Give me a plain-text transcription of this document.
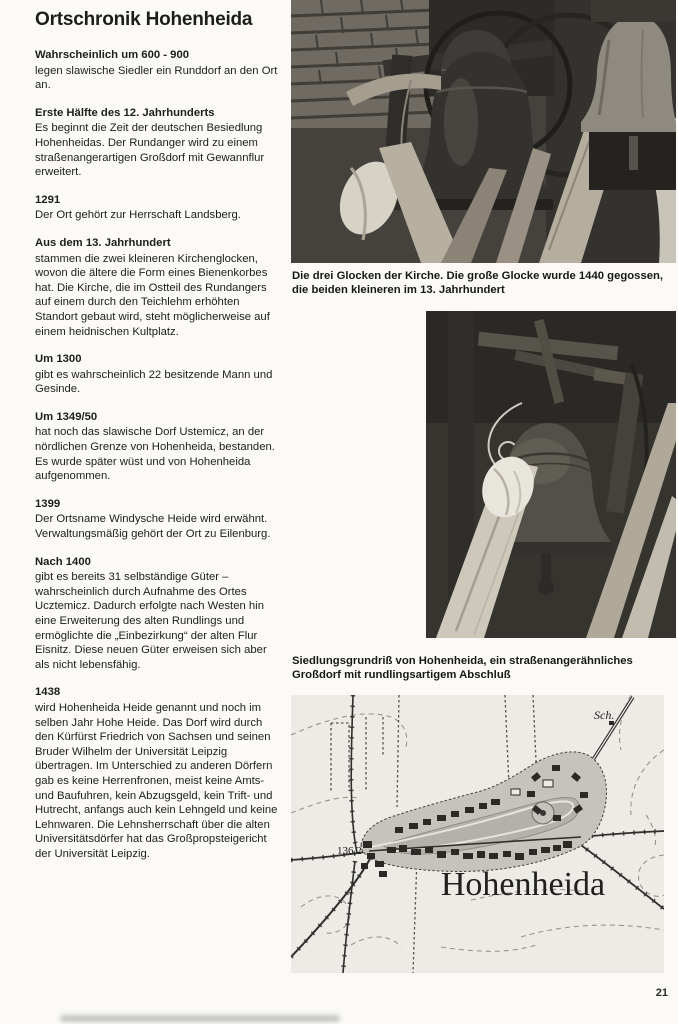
Ortschronik Hohenheida
Wahrscheinlich um 600 - 900

legen slawische Siedler ein Runddorf an den Ort an.

Erste Hälfte des 12. Jahrhunderts

Es beginnt die Zeit der deutschen Besiedlung Hohenheidas. Der Rundanger wird zu einem straßenangerartigen Großdorf mit Gewannflur erweitert.

1291

Der Ort gehört zur Herrschaft Landsberg.

Aus dem 13. Jahrhundert

stammen die zwei kleineren Kirchenglocken, wovon die ältere die Form eines Bienenkorbes hat. Die Kirche, die im Ostteil des Rundangers auf einem durch den Teichlehm erhöhten Standort gebaut wird, steht möglicherweise auf einem heidnischen Kultplatz.

Um 1300

gibt es wahrscheinlich 22 besitzende Mann und Gesinde.

Um 1349/50

hat noch das slawische Dorf Ustemicz, an der nördlichen Grenze von Hohenheida, bestanden. Es wurde später wüst und von Hohenheida aufgenommen.

1399

Der Ortsname Windysche Heide wird erwähnt. Verwaltungsmäßig gehört der Ort zu Eilenburg.

Nach 1400

gibt es bereits 31 selbständige Güter – wahrscheinlich durch Aufnahme des Ortes Ucztemicz. Dadurch erfolgte nach Westen hin eine Erweiterung des alten Rundlings und ermöglichte die „Einbezirkung“ der alten Flur Eisnitz. Diese neuen Güter erweisen sich aber als nicht lebensfähig.

1438

wird Hohenheida Heide genannt und noch im selben Jahr Hohe Heide. Das Dorf wird durch den Kürfürst Friedrich von Sachsen und seinen Bruder Wilhelm der Universität Leipzig übertragen. Im Unterschied zu anderen Dörfern gab es keine Herrenfronen, meist keine Amts- und Baufuhren, kein Abzugsgeld, kein Trift- und Hutrecht, anfangs auch kein Lehngeld und keine Lehnwaren. Die Lehnsherrschaft über die alten Universitätsdörfer hat das Großpropsteigericht der Universität Leipzig.

Die drei Glocken der Kirche. Die große Glocke wurde 1440 gegossen, die beiden kleineren im 13. Jahrhundert
Siedlungsgrundriß von Hohenheida, ein straßenangerähnliches Großdorf mit rundlingsartigem Abschluß
Hohenheida
136,2
Sch.
21
